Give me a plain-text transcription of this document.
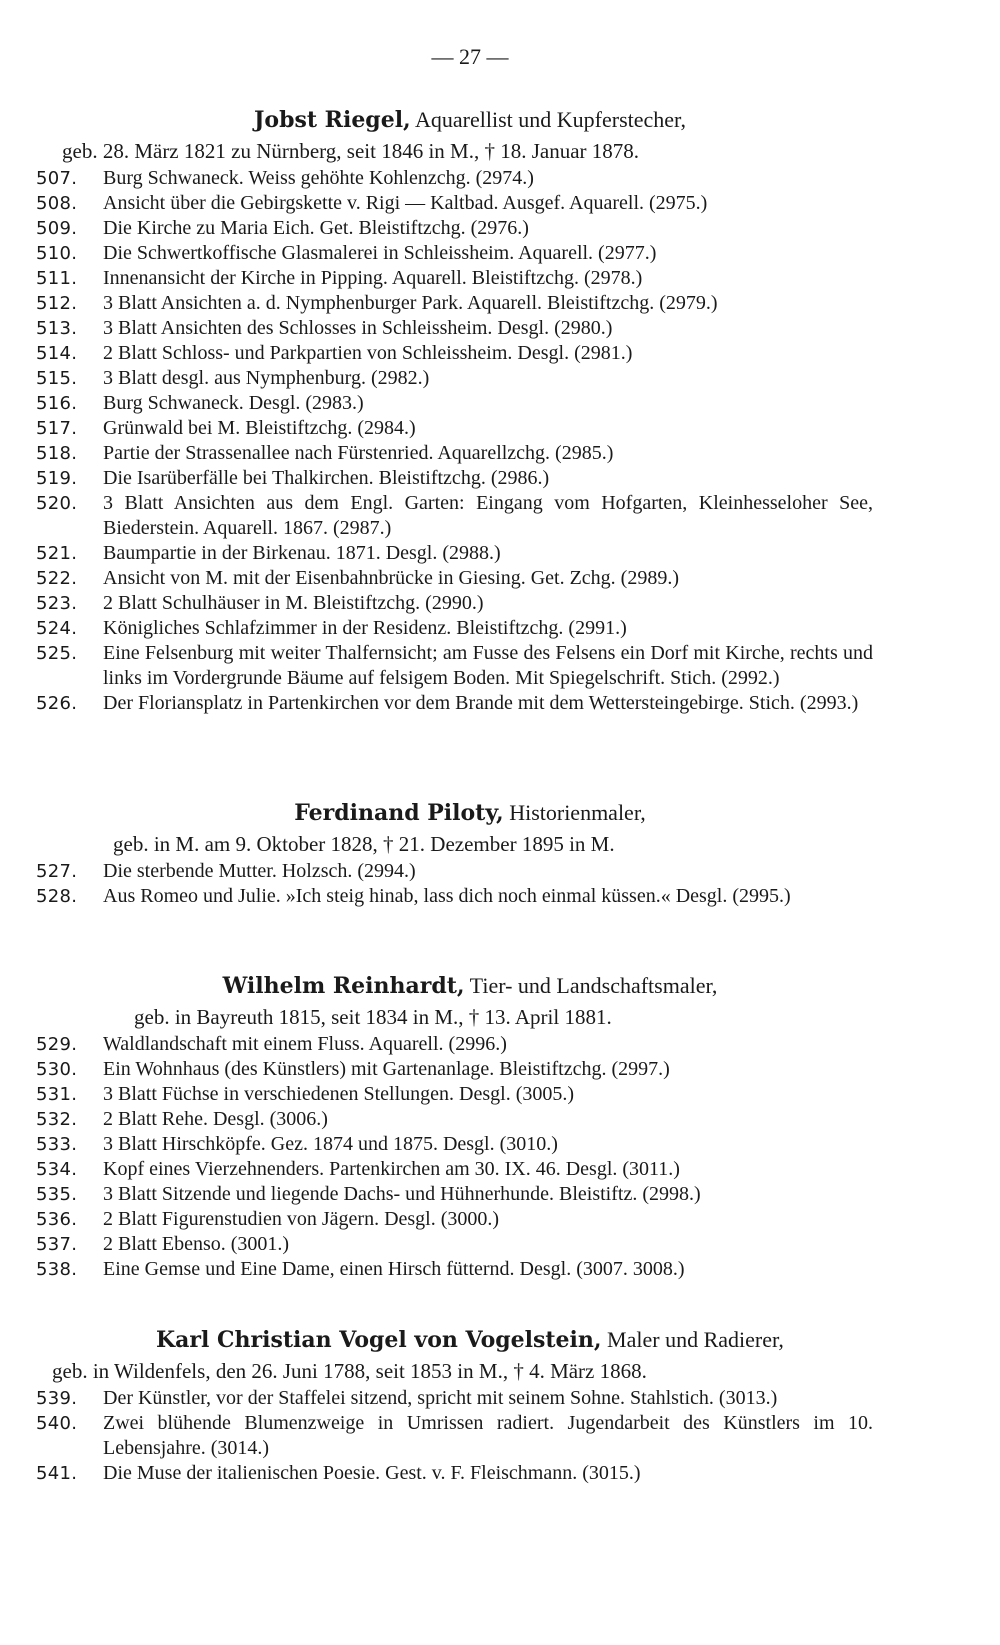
— 27 —
Jobst Riegel, Aquarellist und Kupferstecher,
geb. 28. März 1821 zu Nürnberg, seit 1846 in M., † 18. Januar 1878.
507.	Burg Schwaneck. Weiss gehöhte Kohlenzchg. (2974.)
508.	Ansicht über die Gebirgskette v. Rigi — Kaltbad. Ausgef. Aquarell. (2975.)
509.	Die Kirche zu Maria Eich. Get. Bleistiftzchg. (2976.)
510.	Die Schwertkoffische Glasmalerei in Schleissheim. Aquarell. (2977.)
511.	Innenansicht der Kirche in Pipping. Aquarell. Bleistiftzchg. (2978.)
512.	3 Blatt Ansichten a. d. Nymphenburger Park. Aquarell. Bleistiftzchg. (2979.)
513.	3 Blatt Ansichten des Schlosses in Schleissheim. Desgl. (2980.)
514.	2 Blatt Schloss- und Parkpartien von Schleissheim. Desgl. (2981.)
515.	3 Blatt desgl. aus Nymphenburg. (2982.)
516.	Burg Schwaneck. Desgl. (2983.)
517.	Grünwald bei M. Bleistiftzchg. (2984.)
518.	Partie der Strassenallee nach Fürstenried. Aquarellzchg. (2985.)
519.	Die Isarüberfälle bei Thalkirchen. Bleistiftzchg. (2986.)
520.	3 Blatt Ansichten aus dem Engl. Garten: Eingang vom Hofgarten, Kleinhesseloher See, Biederstein. Aquarell. 1867. (2987.)
521.	Baumpartie in der Birkenau. 1871. Desgl. (2988.)
522.	Ansicht von M. mit der Eisenbahnbrücke in Giesing. Get. Zchg. (2989.)
523.	2 Blatt Schulhäuser in M. Bleistiftzchg. (2990.)
524.	Königliches Schlafzimmer in der Residenz. Bleistiftzchg. (2991.)
525.	Eine Felsenburg mit weiter Thalfernsicht; am Fusse des Felsens ein Dorf mit Kirche, rechts und links im Vordergrunde Bäume auf felsigem Boden. Mit Spiegelschrift. Stich. (2992.)
526.	Der Floriansplatz in Partenkirchen vor dem Brande mit dem Wettersteingebirge. Stich. (2993.)
Ferdinand Piloty, Historienmaler,
geb. in M. am 9. Oktober 1828, † 21. Dezember 1895 in M.
527.	Die sterbende Mutter. Holzsch. (2994.)
528.	Aus Romeo und Julie. »Ich steig hinab, lass dich noch einmal küssen.« Desgl. (2995.)
Wilhelm Reinhardt, Tier- und Landschaftsmaler,
geb. in Bayreuth 1815, seit 1834 in M., † 13. April 1881.
529.	Waldlandschaft mit einem Fluss. Aquarell. (2996.)
530.	Ein Wohnhaus (des Künstlers) mit Gartenanlage. Bleistiftzchg. (2997.)
531.	3 Blatt Füchse in verschiedenen Stellungen. Desgl. (3005.)
532.	2 Blatt Rehe. Desgl. (3006.)
533.	3 Blatt Hirschköpfe. Gez. 1874 und 1875. Desgl. (3010.)
534.	Kopf eines Vierzehnenders. Partenkirchen am 30. IX. 46. Desgl. (3011.)
535.	3 Blatt Sitzende und liegende Dachs- und Hühnerhunde. Bleistiftz. (2998.)
536.	2 Blatt Figurenstudien von Jägern. Desgl. (3000.)
537.	2 Blatt Ebenso. (3001.)
538.	Eine Gemse und Eine Dame, einen Hirsch fütternd. Desgl. (3007. 3008.)
Karl Christian Vogel von Vogelstein, Maler und Radierer,
geb. in Wildenfels, den 26. Juni 1788, seit 1853 in M., † 4. März 1868.
539.	Der Künstler, vor der Staffelei sitzend, spricht mit seinem Sohne. Stahlstich. (3013.)
540.	Zwei blühende Blumenzweige in Umrissen radiert. Jugendarbeit des Künstlers im 10. Lebensjahre. (3014.)
541.	Die Muse der italienischen Poesie. Gest. v. F. Fleischmann. (3015.)
